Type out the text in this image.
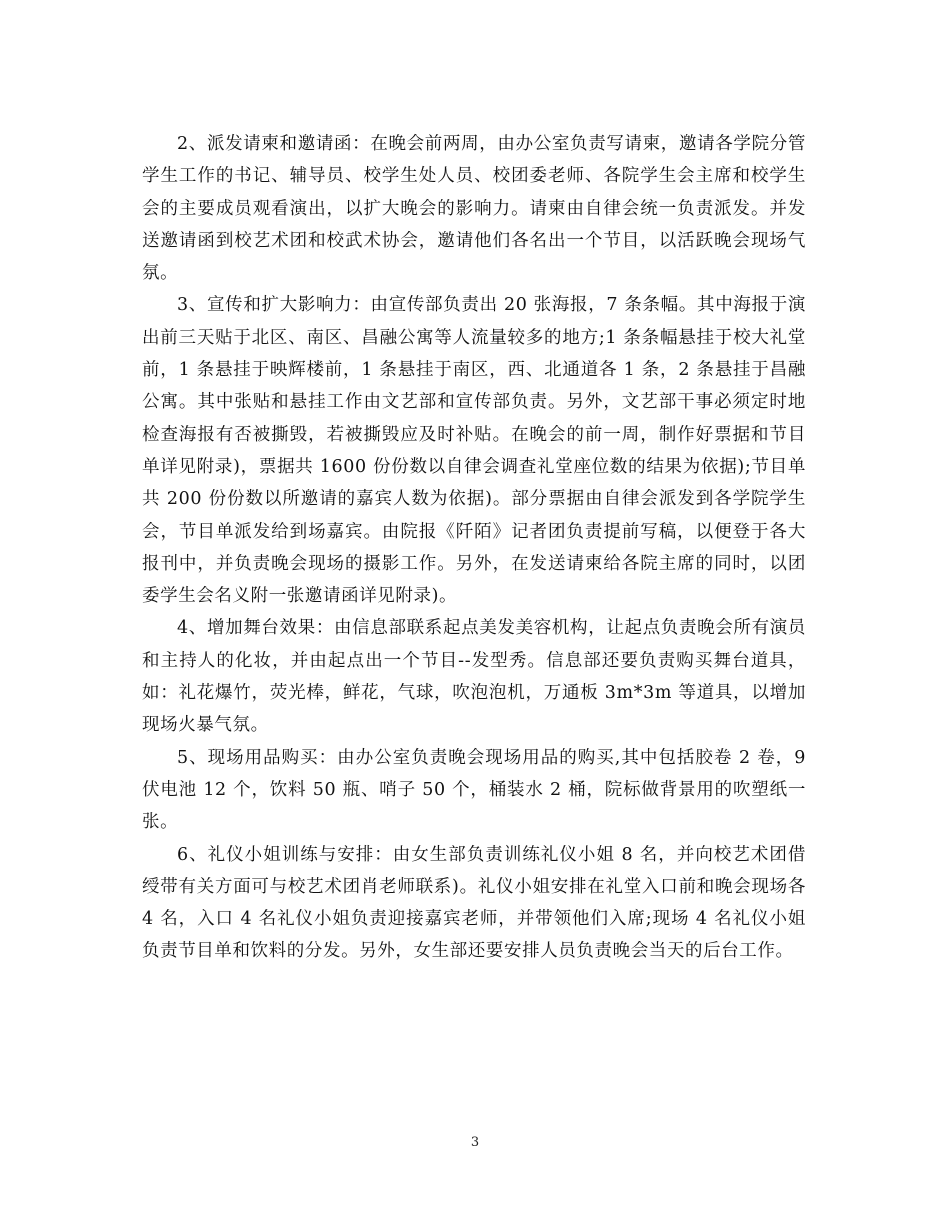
2、派发请柬和邀请函：在晚会前两周，由办公室负责写请柬，邀请各学院分管学生工作的书记、辅导员、校学生处人员、校团委老师、各院学生会主席和校学生会的主要成员观看演出，以扩大晚会的影响力。请柬由自律会统一负责派发。并发送邀请函到校艺术团和校武术协会，邀请他们各名出一个节目，以活跃晚会现场气氛。

3、宣传和扩大影响力：由宣传部负责出 20 张海报，7 条条幅。其中海报于演出前三天贴于北区、南区、昌融公寓等人流量较多的地方;1 条条幅悬挂于校大礼堂前，1 条悬挂于映辉楼前，1 条悬挂于南区，西、北通道各 1 条，2 条悬挂于昌融公寓。其中张贴和悬挂工作由文艺部和宣传部负责。另外，文艺部干事必须定时地检查海报有否被撕毁，若被撕毁应及时补贴。在晚会的前一周，制作好票据和节目单详见附录)，票据共 1600 份份数以自律会调查礼堂座位数的结果为依据);节目单共 200 份份数以所邀请的嘉宾人数为依据)。部分票据由自律会派发到各学院学生会，节目单派发给到场嘉宾。由院报《阡陌》记者团负责提前写稿，以便登于各大报刊中，并负责晚会现场的摄影工作。另外，在发送请柬给各院主席的同时，以团委学生会名义附一张邀请函详见附录)。

4、增加舞台效果：由信息部联系起点美发美容机构，让起点负责晚会所有演员和主持人的化妆，并由起点出一个节目--发型秀。信息部还要负责购买舞台道具，如：礼花爆竹，荧光棒，鲜花，气球，吹泡泡机，万通板 3m*3m 等道具，以增加现场火暴气氛。

5、现场用品购买：由办公室负责晚会现场用品的购买,其中包括胶卷 2 卷，9 伏电池 12 个，饮料 50 瓶、哨子 50 个，桶装水 2 桶，院标做背景用的吹塑纸一张。

6、礼仪小姐训练与安排：由女生部负责训练礼仪小姐 8 名，并向校艺术团借绶带有关方面可与校艺术团肖老师联系)。礼仪小姐安排在礼堂入口前和晚会现场各 4 名，入口 4 名礼仪小姐负责迎接嘉宾老师，并带领他们入席;现场 4 名礼仪小姐负责节目单和饮料的分发。另外，女生部还要安排人员负责晚会当天的后台工作。

3
